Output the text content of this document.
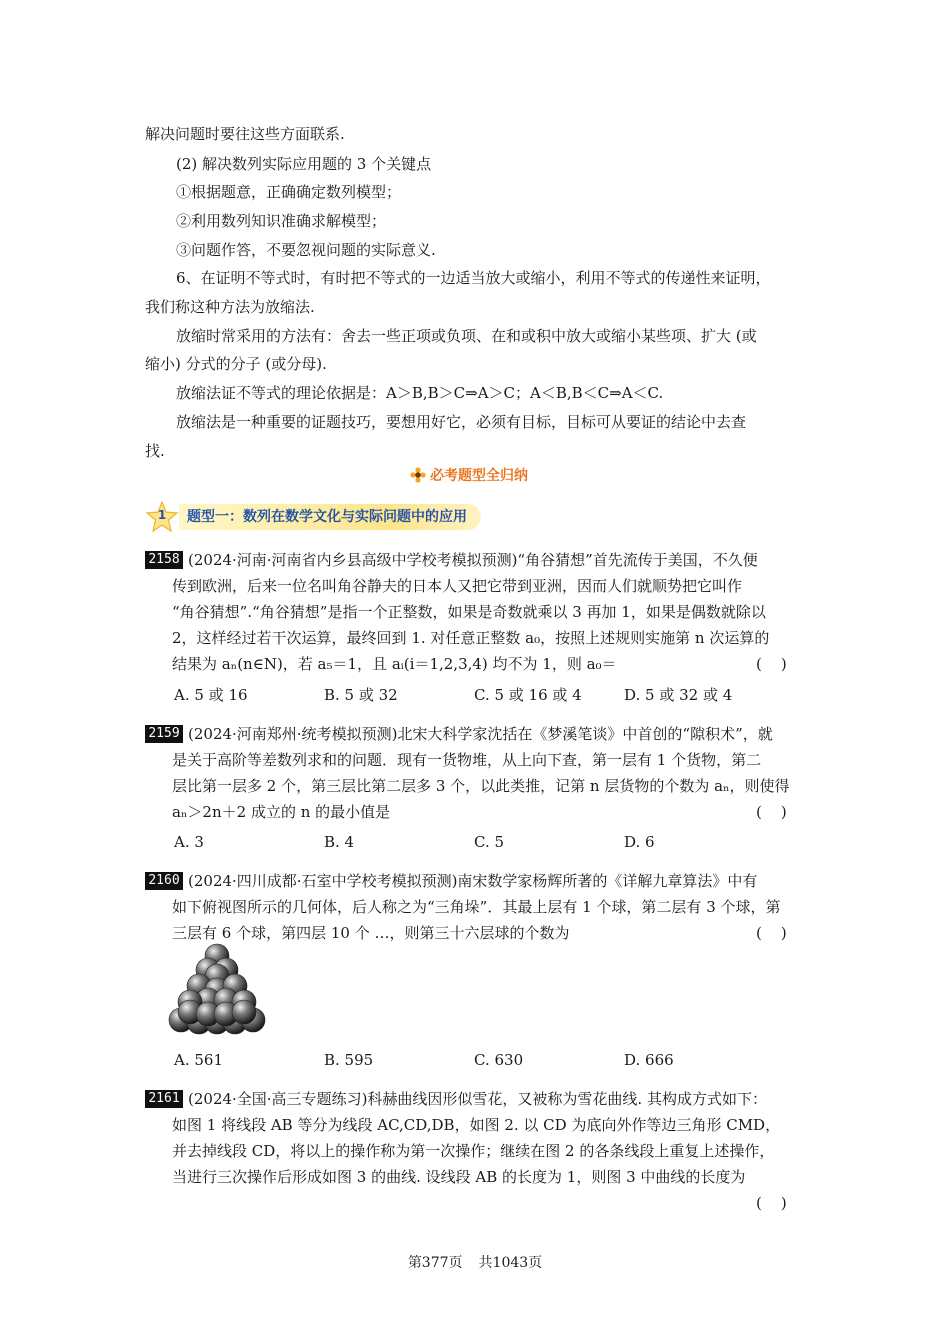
解决问题时要往这些方面联系.
(2) 解决数列实际应用题的 3 个关键点
①根据题意，正确确定数列模型；
②利用数列知识准确求解模型；
③问题作答，不要忽视问题的实际意义.
6、在证明不等式时，有时把不等式的一边适当放大或缩小，利用不等式的传递性来证明，
我们称这种方法为放缩法.
放缩时常采用的方法有：舍去一些正项或负项、在和或积中放大或缩小某些项、扩大 (或
缩小) 分式的分子 (或分母).
放缩法证不等式的理论依据是：A＞B,B＞C⇒A＞C；A＜B,B＜C⇒A＜C.
放缩法是一种重要的证题技巧，要想用好它，必须有目标，目标可从要证的结论中去查
找.
必考题型全归纳
1	题型一：数列在数学文化与实际问题中的应用
2158 (2024·河南·河南省内乡县高级中学校考模拟预测)“角谷猜想”首先流传于美国，不久便
传到欧洲，后来一位名叫角谷静夫的日本人又把它带到亚洲，因而人们就顺势把它叫作
“角谷猜想”.“角谷猜想”是指一个正整数，如果是奇数就乘以 3 再加 1，如果是偶数就除以
2，这样经过若干次运算，最终回到 1. 对任意正整数 a₀，按照上述规则实施第 n 次运算的
结果为 aₙ(n∈N)，若 a₅＝1，且 aᵢ(i＝1,2,3,4) 均不为 1，则 a₀＝	(    )
A. 5 或 16	B. 5 或 32	C. 5 或 16 或 4	D. 5 或 32 或 4
2159 (2024·河南郑州·统考模拟预测)北宋大科学家沈括在《梦溪笔谈》中首创的“隙积术”，就
是关于高阶等差数列求和的问题．现有一货物堆，从上向下查，第一层有 1 个货物，第二
层比第一层多 2 个，第三层比第二层多 3 个，以此类推，记第 n 层货物的个数为 aₙ，则使得
aₙ＞2n＋2 成立的 n 的最小值是	(    )
A. 3	B. 4	C. 5	D. 6
2160 (2024·四川成都·石室中学校考模拟预测)南宋数学家杨辉所著的《详解九章算法》中有
如下俯视图所示的几何体，后人称之为“三角垛”．其最上层有 1 个球，第二层有 3 个球，第
三层有 6 个球，第四层 10 个 …，则第三十六层球的个数为	(    )
A. 561	B. 595	C. 630	D. 666
2161 (2024·全国·高三专题练习)科赫曲线因形似雪花，又被称为雪花曲线. 其构成方式如下：
如图 1 将线段 AB 等分为线段 AC,CD,DB，如图 2. 以 CD 为底向外作等边三角形 CMD，
并去掉线段 CD，将以上的操作称为第一次操作；继续在图 2 的各条线段上重复上述操作，
当进行三次操作后形成如图 3 的曲线. 设线段 AB 的长度为 1，则图 3 中曲线的长度为
(    )
第377页 共1043页
